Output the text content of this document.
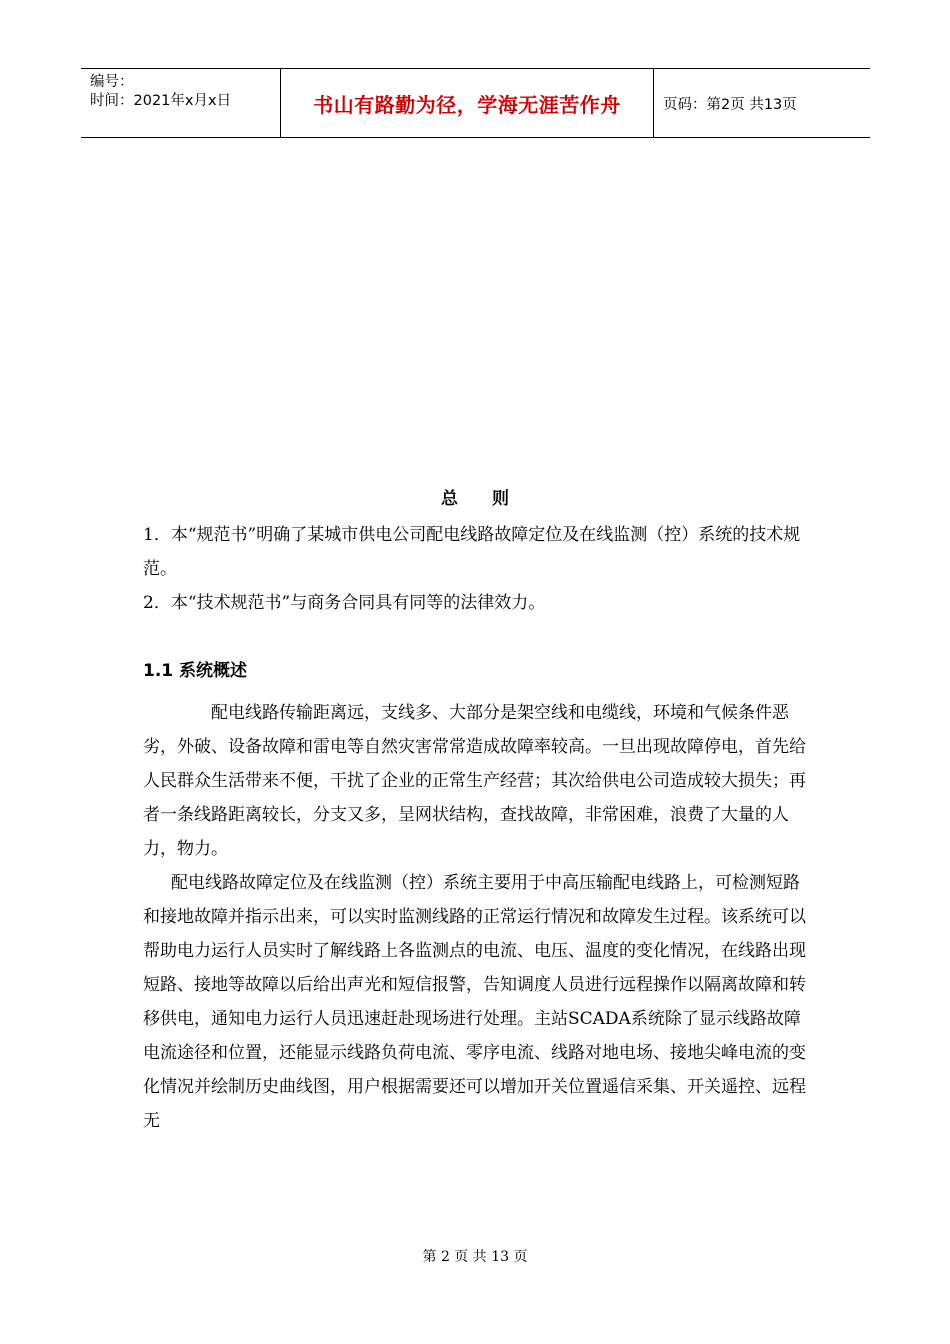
编号：
时间：2021年x月x日	书山有路勤为径，学海无涯苦作舟	页码：第2页 共13页
总 则

1．本“规范书”明确了某城市供电公司配电线路故障定位及在线监测（控）系统的技术规范。

2．本“技术规范书”与商务合同具有同等的法律效力。

1.1 系统概述

配电线路传输距离远，支线多、大部分是架空线和电缆线，环境和气候条件恶劣，外破、设备故障和雷电等自然灾害常常造成故障率较高。一旦出现故障停电，首先给人民群众生活带来不便，干扰了企业的正常生产经营；其次给供电公司造成较大损失；再者一条线路距离较长，分支又多，呈网状结构，查找故障，非常困难，浪费了大量的人力，物力。

配电线路故障定位及在线监测（控）系统主要用于中高压输配电线路上，可检测短路和接地故障并指示出来，可以实时监测线路的正常运行情况和故障发生过程。该系统可以帮助电力运行人员实时了解线路上各监测点的电流、电压、温度的变化情况，在线路出现短路、接地等故障以后给出声光和短信报警，告知调度人员进行远程操作以隔离故障和转移供电，通知电力运行人员迅速赶赴现场进行处理。主站SCADA系统除了显示线路故障电流途径和位置，还能显示线路负荷电流、零序电流、线路对地电场、接地尖峰电流的变化情况并绘制历史曲线图，用户根据需要还可以增加开关位置遥信采集、开关遥控、远程无

第 2 页 共 13 页
